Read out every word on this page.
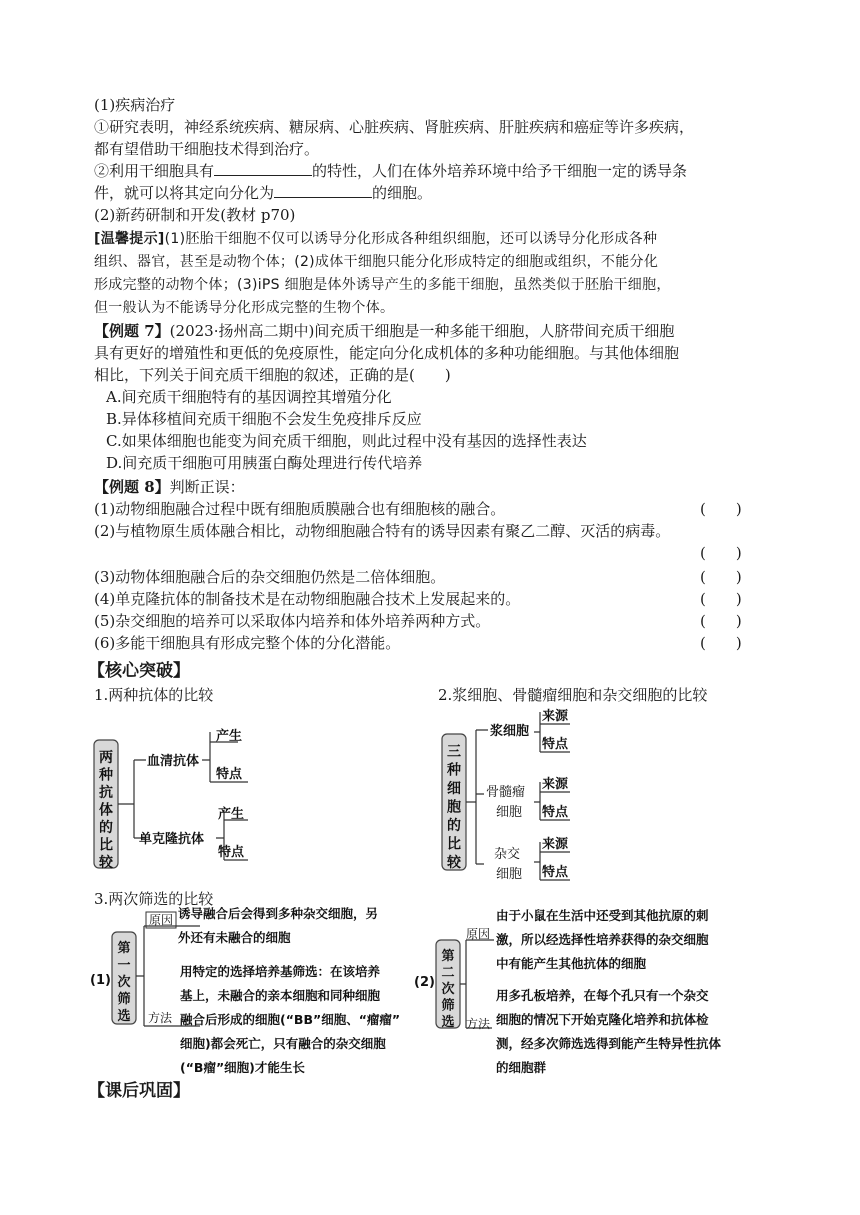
(1)疾病治疗
①研究表明，神经系统疾病、糖尿病、心脏疾病、肾脏疾病、肝脏疾病和癌症等许多疾病，
都有望借助干细胞技术得到治疗。
②利用干细胞具有	的特性，人们在体外培养环境中给予干细胞一定的诱导条
件，就可以将其定向分化为	的细胞。
(2)新药研制和开发(教材 p70)
[温馨提示](1)胚胎干细胞不仅可以诱导分化形成各种组织细胞，还可以诱导分化形成各种
组织、器官，甚至是动物个体；(2)成体干细胞只能分化形成特定的细胞或组织，不能分化
形成完整的动物个体；(3)iPS 细胞是体外诱导产生的多能干细胞，虽然类似于胚胎干细胞，
但一般认为不能诱导分化形成完整的生物个体。
【例题 7】(2023·扬州高二期中)间充质干细胞是一种多能干细胞，人脐带间充质干细胞
具有更好的增殖性和更低的免疫原性，能定向分化成机体的多种功能细胞。与其他体细胞
相比，下列关于间充质干细胞的叙述，正确的是(　　)
A.间充质干细胞特有的基因调控其增殖分化
B.异体移植间充质干细胞不会发生免疫排斥反应
C.如果体细胞也能变为间充质干细胞，则此过程中没有基因的选择性表达
D.间充质干细胞可用胰蛋白酶处理进行传代培养
【例题 8】判断正误：
(1)动物细胞融合过程中既有细胞质膜融合也有细胞核的融合。	(　　)
(2)与植物原生质体融合相比，动物细胞融合特有的诱导因素有聚乙二醇、灭活的病毒。
(　　)
(3)动物体细胞融合后的杂交细胞仍然是二倍体细胞。	(　　)
(4)单克隆抗体的制备技术是在动物细胞融合技术上发展起来的。	(　　)
(5)杂交细胞的培养可以采取体内培养和体外培养两种方式。	(　　)
(6)多能干细胞具有形成完整个体的分化潜能。	(　　)
【核心突破】
1.两种抗体的比较	2.浆细胞、骨髓瘤细胞和杂交细胞的比较
两
种
抗
体
的
比
较
血清抗体
单克隆抗体
产生
特点
产生
特点
三
种
细
胞
的
比
较
浆细胞
骨髓瘤
细胞
杂交
细胞
来源
特点
来源
特点
来源
特点
3.两次筛选的比较
(1)
第
一
次
筛
选
原因
方法
诱导融合后会得到多种杂交细胞，另
外还有未融合的细胞
用特定的选择培养基筛选：在该培养
基上，未融合的亲本细胞和同种细胞
融合后形成的细胞(“BB”细胞、“瘤瘤”
细胞)都会死亡，只有融合的杂交细胞
(“B瘤”细胞)才能生长
(2)
第
二
次
筛
选
原因
方法
由于小鼠在生活中还受到其他抗原的刺
激，所以经选择性培养获得的杂交细胞
中有能产生其他抗体的细胞
用多孔板培养，在每个孔只有一个杂交
细胞的情况下开始克隆化培养和抗体检
测，经多次筛选选得到能产生特异性抗体
的细胞群
【课后巩固】
